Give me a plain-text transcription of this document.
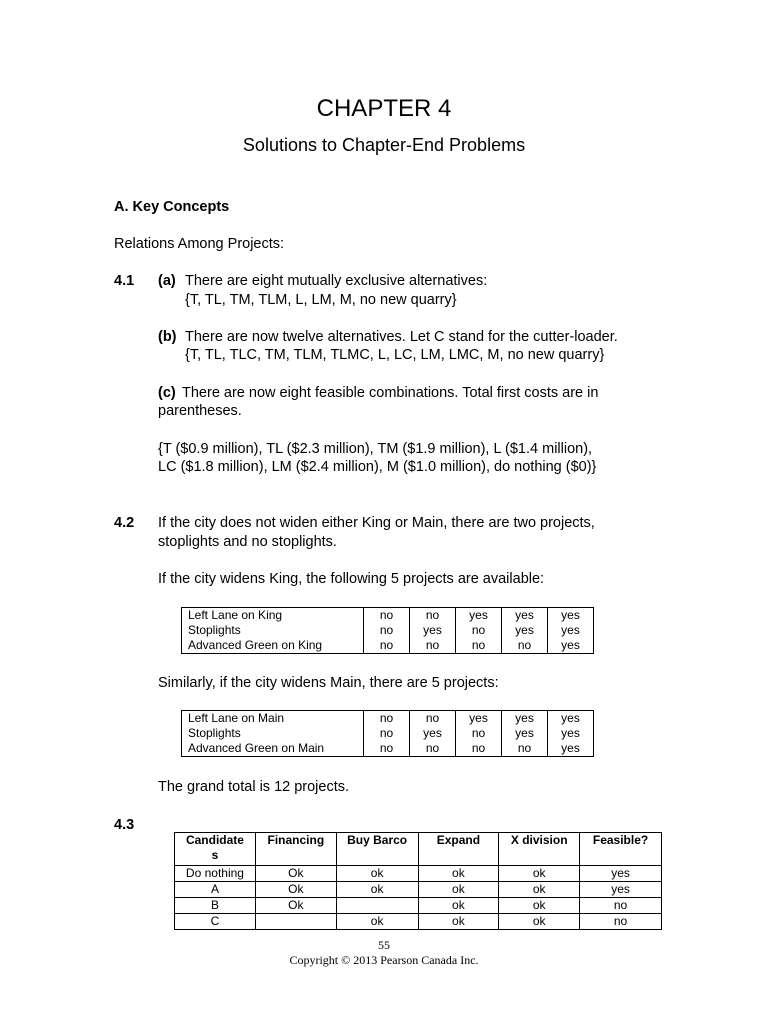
CHAPTER 4
Solutions to Chapter-End Problems
A. Key Concepts
Relations Among Projects:
4.1 (a) There are eight mutually exclusive alternatives:
{T, TL, TM, TLM, L, LM, M, no new quarry}
(b) There are now twelve alternatives. Let C stand for the cutter-loader.
{T, TL, TLC, TM, TLM, TLMC, L, LC, LM, LMC, M, no new quarry}
(c) There are now eight feasible combinations. Total first costs are in
parentheses.
{T ($0.9 million), TL ($2.3 million), TM ($1.9 million), L ($1.4 million),
LC ($1.8 million), LM ($2.4 million), M ($1.0 million), do nothing ($0)}
4.2 If the city does not widen either King or Main, there are two projects,
stoplights and no stoplights.
If the city widens King, the following 5 projects are available:
Left Lane on King	no	no	yes	yes	yes
Stoplights	no	yes	no	yes	yes
Advanced Green on King	no	no	no	no	yes
Similarly, if the city widens Main, there are 5 projects:
Left Lane on Main	no	no	yes	yes	yes
Stoplights	no	yes	no	yes	yes
Advanced Green on Main	no	no	no	no	yes
The grand total is 12 projects.
4.3
Candidate
s	Financing	Buy Barco	Expand	X division	Feasible?
Do nothing	Ok	ok	ok	ok	yes
A	Ok	ok	ok	ok	yes
B	Ok		ok	ok	no
C		ok	ok	ok	no
55
Copyright © 2013 Pearson Canada Inc.
